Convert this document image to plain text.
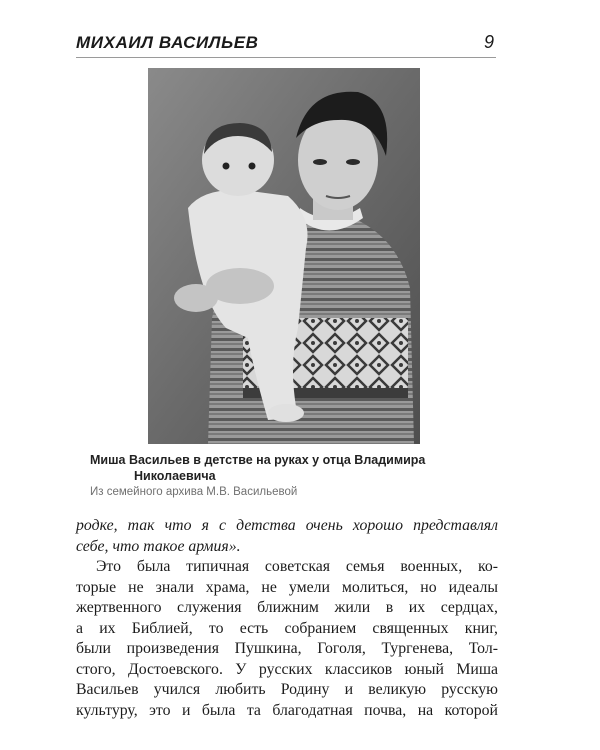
МИХАИЛ ВАСИЛЬЕВ	9
Миша Васильев в детстве на руках у отца Владимира
Николаевича
Из семейного архива М.В. Васильевой
родке, так что я с детства очень хорошо представлял
себе, что такое армия».
Это была типичная советская семья военных, ко-
торые не знали храма, не умели молиться, но идеалы
жертвенного служения ближним жили в их сердцах,
а их Библией, то есть собранием священных книг,
были произведения Пушкина, Гоголя, Тургенева, Тол-
стого, Достоевского. У русских классиков юный Миша
Васильев учился любить Родину и великую русскую
культуру, это и была та благодатная почва, на которой
